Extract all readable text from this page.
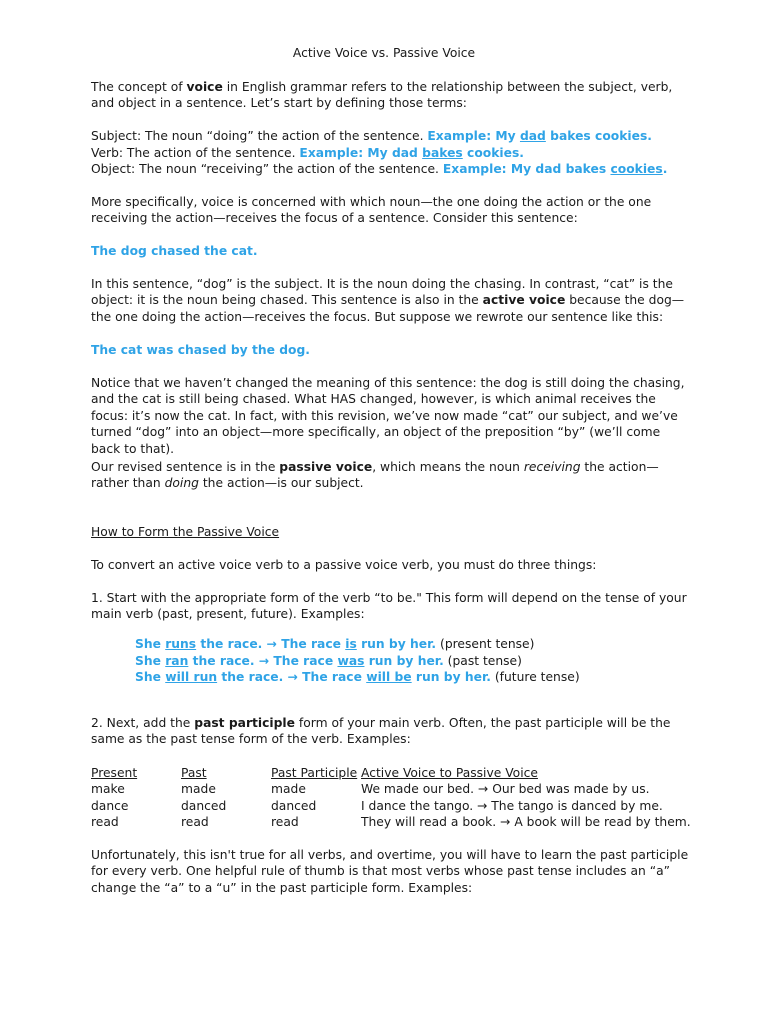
Active Voice vs. Passive Voice

The concept of voice in English grammar refers to the relationship between the subject, verb, and object in a sentence. Let’s start by defining those terms:

Subject: The noun “doing” the action of the sentence. Example: My dad bakes cookies.

Verb: The action of the sentence. Example: My dad bakes cookies.

Object: The noun “receiving” the action of the sentence. Example: My dad bakes cookies.

More specifically, voice is concerned with which noun—the one doing the action or the one receiving the action—receives the focus of a sentence. Consider this sentence:

The dog chased the cat.

In this sentence, “dog” is the subject. It is the noun doing the chasing. In contrast, “cat” is the object: it is the noun being chased. This sentence is also in the active voice because the dog—the one doing the action—receives the focus. But suppose we rewrote our sentence like this:

The cat was chased by the dog.

Notice that we haven’t changed the meaning of this sentence: the dog is still doing the chasing, and the cat is still being chased. What HAS changed, however, is which animal receives the focus: it’s now the cat. In fact, with this revision, we’ve now made “cat” our subject, and we’ve turned “dog” into an object—more specifically, an object of the preposition “by” (we’ll come back to that).

Our revised sentence is in the passive voice, which means the noun receiving the action—rather than doing the action—is our subject.

How to Form the Passive Voice

To convert an active voice verb to a passive voice verb, you must do three things:

1. Start with the appropriate form of the verb “to be." This form will depend on the tense of your main verb (past, present, future). Examples:

She runs the race. → The race is run by her. (present tense)

She ran the race. → The race was run by her. (past tense)

She will run the race. → The race will be run by her. (future tense)

2. Next, add the past participle form of your main verb. Often, the past participle will be the same as the past tense form of the verb. Examples:

Present	Past	Past Participle	Active Voice to Passive Voice
make	made	made	We made our bed. → Our bed was made by us.
dance	danced	danced	I dance the tango. → The tango is danced by me.
read	read	read	They will read a book. → A book will be read by them.

Unfortunately, this isn't true for all verbs, and overtime, you will have to learn the past participle for every verb. One helpful rule of thumb is that most verbs whose past tense includes an “a” change the “a” to a “u” in the past participle form. Examples:
